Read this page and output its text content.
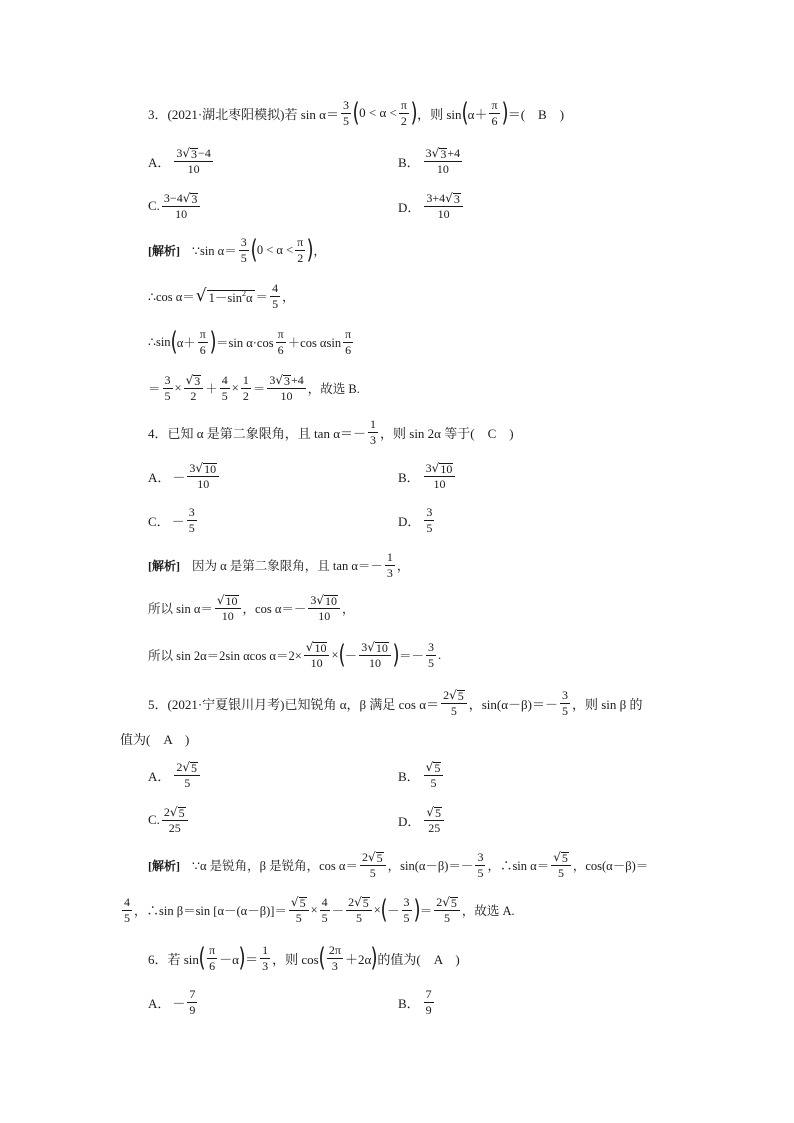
3．(2021·湖北枣阳模拟)若 $\sin \alpha= \frac{3}{5}$ ( $0 < \alpha < \frac{\pi}{2}$ ) ，则 sin ( $\alpha+ \frac{\pi}{6}$ ) ＝(　B　)
A． $\frac{3 √ 3 -4}{10}$	B． $\frac{3 √ 3 +4}{10}$
C. $\frac{3-4 √ 3}{10}$	D． $\frac{3+4 √ 3}{10}$
[解析] ∵sin $\alpha= \frac{3}{5}$ ( $0 < \alpha < \frac{\pi}{2}$ ) ，
∴cos α＝ √ 1－sin 2 $\alpha = \frac{4}{5}$ ，
∴sin ( $\alpha+ \frac{\pi}{6}$ ) ＝sin $\alpha\cdot\cos \frac{\pi}{6} +\cos$ αsin $\frac{\pi}{6}$
＝ $\frac{3}{5} \times \frac{√ 3}{2} + \frac{4}{5} \times \frac{1}{2} = \frac{3 √ 3 +4}{10}$ ，故选 B.
4．已知 α 是第二象限角，且 $\tan \alpha=- \frac{1}{3}$ ，则 sin 2α 等于(　C　)
A． － $\frac{3 √ 10}{10}$	B． $\frac{3 √ 10}{10}$
C． － $\frac{3}{5}$	D． $\frac{3}{5}$
[解析] 因为 α 是第二象限角，且 $\tan \alpha=- \frac{1}{3}$ ，
所以 $\sin \alpha= \frac{√ 10}{10}$ ，$\cos \alpha=- \frac{3 √ 10}{10}$ ，
所以 sin 2α＝2sin αcos $\alpha=2\times \frac{√ 10}{10}$ × ( － $\frac{3 √ 10}{10}$ ) ＝－ $\frac{3}{5}$ .
5．(2021·宁夏银川月考)已知锐角 α，β 满足 $\cos \alpha= \frac{2 √ 5}{5}$ ，$\sin(\alpha-\beta)=- \frac{3}{5}$ ，则 sin β 的
值为(　A　)
A． $\frac{2 √ 5}{5}$	B． $\frac{√ 5}{5}$
C. $\frac{2 √ 5}{25}$	D． $\frac{√ 5}{25}$
[解析] ∵α 是锐角，β 是锐角，$\cos \alpha= \frac{2 √ 5}{5}$ ，$\sin(\alpha-\beta)=- \frac{3}{5}$ ，∴sin $\alpha= \frac{√ 5}{5}$ ，cos(α－β)＝
$\frac{4}{5}$ ，∴sin β＝sin $[\alpha-(\alpha-\beta)]= \frac{√ 5}{5} \times \frac{4}{5} - \frac{2 √ 5}{5}$ × ( － $\frac{3}{5}$ ) ＝ $\frac{2 √ 5}{5}$ ，故选 A.
6．若 sin ( $\frac{\pi}{6} -\alpha$ ) ＝ $\frac{1}{3}$ ，则 cos ( $\frac{2\pi}{3} +2\alpha$ ) 的值为(　A　)
A． － $\frac{7}{9}$	B． $\frac{7}{9}$
